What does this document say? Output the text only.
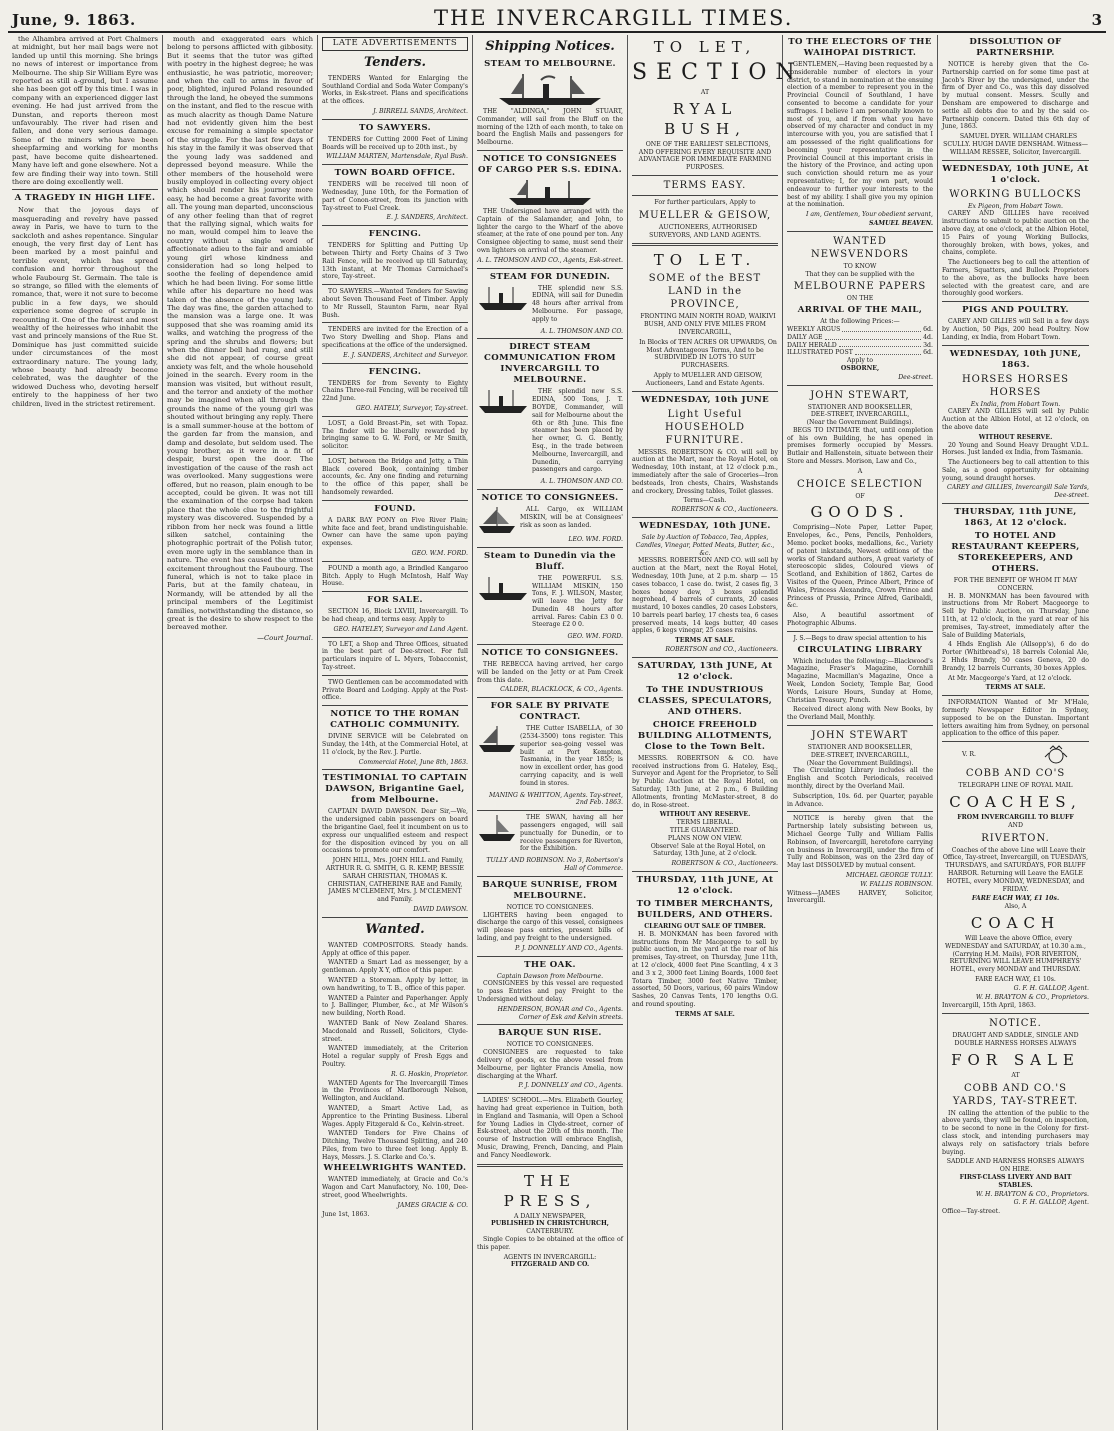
June, 9. 1863.	THE INVERCARGILL TIMES.	3

the Alhambra arrived at Port Chalmers at midnight, but her mail bags were not landed up until this morning. She brings no news of interest or importance from Melbourne. The ship Sir William Eyre was reported as still a-ground, but I assume she has been got off by this time. I was in company with an experienced digger last evening. He had just arrived from the Dunstan, and reports thereon most unfavourably. The river had risen and fallen, and done very serious damage. Some of the miners who have been sheepfarming and working for months past, have become quite disheartened. Many have left and gone elsewhere. Not a few are finding their way into town. Still there are doing excellently well.

A TRAGEDY IN HIGH LIFE.

Now that the joyous days of masquerading and revelry have passed away in Paris, we have to turn to the sackcloth and ashes repentance. Singular enough, the very first day of Lent has been marked by a most painful and terrible event, which has spread confusion and horror throughout the whole Faubourg St. Germain. The tale is so strange, so filled with the elements of romance, that, were it not sure to become public in a few days, we should experience some degree of scruple in recounting it. One of the fairest and most wealthy of the heiresses who inhabit the vast and princely mansions of the Rue St. Dominique has just committed suicide under circumstances of the most extraordinary nature. The young lady, whose beauty had already become celebrated, was the daughter of the widowed Duchess who, devoting herself entirely to the happiness of her two children, lived in the strictest retirement.

mouth and exaggerated ears which belong to persons afflicted with gibbosity. But it seems that the tutor was gifted with poetry in the highest degree; he was enthusiastic, he was patriotic, moreover; and when the call to arms in favor of poor, blighted, injured Poland resounded through the land, he obeyed the summons on the instant, and fled to the rescue with as much alacrity as though Dame Nature had not evidently given him the best excuse for remaining a simple spectator of the struggle. For the last few days of his stay in the family it was observed that the young lady was saddened and depressed beyond measure. While the other members of the household were busily employed in collecting every object which should render his journey more easy, he had become a great favorite with all. The young man departed, unconscious of any other feeling than that of regret that the rallying signal, which waits for no man, would compel him to leave the country without a single word of affectionate adieu to the fair and amiable young girl whose kindness and consideration had so long helped to soothe the feeling of dependence amid which he had been living. For some little while after his departure no heed was taken of the absence of the young lady. The day was fine, the garden attached to the mansion was a large one. It was supposed that she was roaming amid its walks, and watching the progress of the spring and the shrubs and flowers; but when the dinner bell had rung, and still she did not appear, of course great anxiety was felt, and the whole household joined in the search. Every room in the mansion was visited, but without result, and the terror and anxiety of the mother may be imagined when all through the grounds the name of the young girl was shouted without bringing any reply. There is a small summer-house at the bottom of the garden far from the mansion, and damp and desolate, but seldom used. The young brother, as it were in a fit of despair, burst open the door. The investigation of the cause of the rash act was overlooked. Many suggestions were offered, but no reason, plain enough to be accepted, could be given. It was not till the examination of the corpse had taken place that the whole clue to the frightful mystery was discovered. Suspended by a ribbon from her neck was found a little silken satchel, containing the photographic portrait of the Polish tutor, even more ugly in the semblance than in nature. The event has caused the utmost excitement throughout the Faubourg. The funeral, which is not to take place in Paris, but at the family chateau, in Normandy, will be attended by all the principal members of the Legitimist families, notwithstanding the distance, so great is the desire to show respect to the bereaved mother.

—Court Journal.
LATE ADVERTISEMENTS
Tenders.

TENDERS Wanted for Enlarging the Southland Cordial and Soda Water Company's Works, in Esk-street. Plans and specifications at the offices.

J. BIRRELL SANDS, Architect.
TO SAWYERS.

TENDERS for Cutting 2000 Feet of Lining Boards will be received up to 20th inst., by

WILLIAM MARTEN, Martensdale, Ryal Bush.
TOWN BOARD OFFICE.

TENDERS will be received till noon of Wednesday, June 10th, for the Formation of part of Conon-street, from its junction with Tay-street to Fuel Creek.

E. J. SANDERS, Architect.
FENCING.

TENDERS for Splitting and Putting Up between Thirty and Forty Chains of 3 Two Rail Fence, will be received up till Saturday, 13th instant, at Mr Thomas Carmichael's store, Tay-street.

TO SAWYERS.—Wanted Tenders for Sawing about Seven Thousand Feet of Timber. Apply to Mr Russell, Staunton Farm, near Ryal Bush.

TENDERS are invited for the Erection of a Two Story Dwelling and Shop. Plans and specifications at the office of the undersigned.

E. J. SANDERS, Architect and Surveyor.
FENCING.

TENDERS for from Seventy to Eighty Chains Three-rail Fencing, will be received till 22nd June.

GEO. HATELY, Surveyor, Tay-street.

LOST, a Gold Breast-Pin, set with Topaz. The finder will be liberally rewarded by bringing same to G. W. Ford, or Mr Smith, solicitor.

LOST, between the Bridge and Jetty, a Thin Black covered Book, containing timber accounts, &c. Any one finding and returning to the office of this paper, shall be handsomely rewarded.

FOUND.

A DARK BAY PONY on Five River Plain; white face and feet, brand undistinguishable. Owner can have the same upon paying expenses.

GEO. W.M. FORD.

FOUND a month ago, a Brindled Kangaroo Bitch. Apply to Hugh McIntosh, Half Way House.

FOR SALE.

SECTION 16, Block LXVIII, Invercargill. To be had cheap, and terms easy. Apply to

GEO. HATELEY, Surveyor and Land Agent.

TO LET, a Shop and Three Offices, situated in the best part of Dee-street. For full particulars inquire of L. Myers, Tobacconist, Tay-street.

TWO Gentlemen can be accommodated with Private Board and Lodging. Apply at the Post-office.

NOTICE TO THE ROMAN CATHOLIC COMMUNITY.

DIVINE SERVICE will be Celebrated on Sunday, the 14th, at the Commercial Hotel, at 11 o'clock, by the Rev. J. Purtle.

Commercial Hotel, June 8th, 1863.
TESTIMONIAL TO CAPTAIN DAWSON, Brigantine Gael, from Melbourne.

CAPTAIN DAVID DAWSON. Dear Sir,—We, the undersigned cabin passengers on board the brigantine Gael, feel it incumbent on us to express our unqualified esteem and respect for the disposition evinced by you on all occasions to promote our comfort.

JOHN HILL, Mrs. JOHN HILL and Family, ARTHUR R. G. SMITH, G. R. KEMP, BESSIE SARAH CHRISTIAN, THOMAS K. CHRISTIAN, CATHERINE RAE and Family, JAMES M'CLEMENT, Mrs. J. M'CLEMENT and Family.

DAVID DAWSON.
Wanted.

WANTED COMPOSITORS. Steady hands. Apply at office of this paper.

WANTED a Smart Lad as messenger, by a gentleman. Apply X Y, office of this paper.

WANTED a Storeman. Apply by letter, in own handwriting, to T. B., office of this paper.

WANTED a Painter and Paperhanger. Apply to J. Ballinger, Plumber, &c., at Mr Wilson's new building, North Road.

WANTED Bank of New Zealand Shares. Macdonald and Russell, Solicitors, Clyde-street.

WANTED immediately, at the Criterion Hotel a regular supply of Fresh Eggs and Poultry.

R. G. Hoskin, Proprietor.

WANTED Agents for The Invercargill Times in the Provinces of Marlborough Nelson, Wellington, and Auckland.

WANTED, a Smart Active Lad, as Apprentice to the Printing Business. Liberal Wages. Apply Fitzgerald & Co., Kelvin-street.

WANTED Tenders for Five Chains of Ditching, Twelve Thousand Splitting, and 240 Piles, from two to three feet long. Apply B. Hays, Messrs. J. S. Clarke and Co.'s.

WHEELWRIGHTS WANTED.

WANTED immediately, at Gracie and Co.'s Wagon and Cart Manufactory, No. 100, Dee-street, good Wheelwrights.

JAMES GRACIE & CO.
June 1st, 1863.
Shipping Notices.
STEAM TO MELBOURNE.

THE "ALDINGA," JOHN STUART, Commander, will sail from the Bluff on the morning of the 12th of each month, to take on board the English Mails and passengers for Melbourne.

NOTICE TO CONSIGNEES OF CARGO PER S.S. EDINA.

THE Undersigned have arranged with the Captain of the Salamander, and John, to lighter the cargo to the Wharf of the above steamer, at the rate of one pound per ton. Any Consignee objecting to same, must send their own lighters on arrival of the steamer.

A. L. THOMSON AND CO., Agents, Esk-street.
STEAM FOR DUNEDIN.

THE splendid new S.S. EDINA, will sail for Dunedin 48 hours after arrival from Melbourne. For passage, apply to

A. L. THOMSON AND CO.
DIRECT STEAM COMMUNICATION FROM INVERCARGILL TO MELBOURNE.

THE splendid new S.S. EDINA, 500 Tons, J. T. BOYDE, Commander, will sail for Melbourne about the 6th or 8th June. This fine steamer has been placed by her owner, G. G. Bently, Esq., in the trade between Melbourne, Invercargill, and Dunedin, carrying passengers and cargo.

A. L. THOMSON AND CO.
NOTICE TO CONSIGNEES.

ALL Cargo, ex WILLIAM MISKIN, will be at Consignees' risk as soon as landed.

LEO. WM. FORD.
Steam to Dunedin via the Bluff.

THE POWERFUL S.S. WILLIAM MISKIN, 150 Tons, F. J. WILSON, Master, will leave the Jetty for Dunedin 48 hours after arrival. Fares: Cabin £3 0 0. Steerage £2 0 0.

GEO. WM. FORD.
NOTICE TO CONSIGNEES.

THE REBECCA having arrived, her cargo will be landed on the Jetty or at Pam Creek from this date.

CALDER, BLACKLOCK, & CO., Agents.
FOR SALE BY PRIVATE CONTRACT.

THE Cutter ISABELLA, of 30 (2534-3500) tons register. This superior sea-going vessel was built at Port Kempton, Tasmania, in the year 1855; is now in excellent order, has good carrying capacity, and is well found in stores.

MANING & WHITTON, Agents. Tay-street, 2nd Feb. 1863.

THE SWAN, having all her passengers engaged, will sail punctually for Dunedin, or to receive passengers for Riverton, for the Exhibition.

TULLY AND ROBINSON. No 3, Robertson's Hall of Commerce.
BARQUE SUNRISE, FROM MELBOURNE.
NOTICE TO CONSIGNEES.

LIGHTERS having been engaged to discharge the cargo of this vessel, consignees will please pass entries, present bills of lading, and pay freight to the undersigned.

P. J. DONNELLY AND CO., Agents.
THE OAK.
Captain Dawson from Melbourne.

CONSIGNEES by this vessel are requested to pass Entries and pay Freight to the Undersigned without delay.

HENDERSON, BONAR and Co., Agents. Corner of Esk and Kelvin streets.
BARQUE SUN RISE.
NOTICE TO CONSIGNEES.

CONSIGNEES are requested to take delivery of goods, ex the above vessel from Melbourne, per lighter Francis Amelia, now discharging at the Wharf.

P. J. DONNELLY and CO., Agents.

LADIES' SCHOOL.—Mrs. Elizabeth Gourley, having had great experience in Tuition, both in England and Tasmania, will Open a School for Young Ladies in Clyde-street, corner of Esk-street, about the 20th of this month. The course of Instruction will embrace English, Music, Drawing, French, Dancing, and Plain and Fancy Needlework.

THE PRESS,
A DAILY NEWSPAPER,
PUBLISHED IN CHRISTCHURCH,
CANTERBURY.

Single Copies to be obtained at the office of this paper.

AGENTS IN INVERCARGILL:
FITZGERALD AND CO.
TO LET,
SECTION
AT
RYAL BUSH,

ONE OF THE EARLIEST SELECTIONS, AND OFFERING EVERY REQUISITE AND ADVANTAGE FOR IMMEDIATE FARMING PURPOSES.

TERMS EASY.
For further particulars, Apply to
MUELLER & GEISOW,

AUCTIONEERS, AUTHORISED SURVEYORS, AND LAND AGENTS.

TO LET.
SOME of the BEST LAND in the PROVINCE,

FRONTING MAIN NORTH ROAD, WAIKIVI BUSH, AND ONLY FIVE MILES FROM INVERCARGILL,

In Blocks of TEN ACRES OR UPWARDS, On Most Advantageous Terms, And to be SUBDIVIDED IN LOTS TO SUIT PURCHASERS.

Apply to MUELLER AND GEISOW, Auctioneers, Land and Estate Agents.

WEDNESDAY, 10th JUNE
Light Useful HOUSEHOLD FURNITURE.

MESSRS. ROBERTSON & CO. will sell by auction at the Mart, near the Royal Hotel, on Wednesday, 10th instant, at 12 o'clock p.m., immediately after the sale of Groceries—Iron bedsteads, Iron chests, Chairs, Washstands and crockery, Dressing tables, Toilet glasses.

Terms—Cash.
ROBERTSON & CO., Auctioneers.
WEDNESDAY, 10th JUNE.
Sale by Auction of Tobacco, Tea, Apples, Candles, Vinegar, Potted Meats, Butter, &c., &c.

MESSRS. ROBERTSON AND CO. will sell by auction at the Mart, next the Royal Hotel, Wednesday, 10th June, at 2 p.m. sharp — 15 cases tobacco, 1 case do. twist, 2 cases fig, 3 boxes honey dew, 3 boxes splendid negrohead, 4 barrels of currants, 20 cases mustard, 10 boxes candles, 20 cases Lobsters, 10 barrels pearl barley, 17 chests tea, 6 cases preserved meats, 14 kegs butter, 40 cases apples, 6 kegs vinegar, 25 cases raisins.

TERMS AT SALE.
ROBERTSON and CO., Auctioneers.
SATURDAY, 13th JUNE, At 12 o'clock.
To THE INDUSTRIOUS CLASSES, SPECULATORS, AND OTHERS.
CHOICE FREEHOLD BUILDING ALLOTMENTS, Close to the Town Belt.

MESSRS. ROBERTSON & CO. have received instructions from G. Hateley, Esq., Surveyor and Agent for the Proprietor, to Sell by Public Auction at the Royal Hotel, on Saturday, 13th June, at 2 p.m., 6 Building Allotments, fronting McMaster-street, 8 do do, in Rose-street.

WITHOUT ANY RESERVE.
TERMS LIBERAL.
TITLE GUARANTEED.
PLANS NOW ON VIEW.

Observe! Sale at the Royal Hotel, on Saturday, 13th June, at 2 o'clock.

ROBERTSON & CO., Auctioneers.
THURSDAY, 11th JUNE, At 12 o'clock.
TO TIMBER MERCHANTS, BUILDERS, AND OTHERS.
CLEARING OUT SALE OF TIMBER.

H. B. MONKMAN has been favored with instructions from Mr Macgeorge to sell by public auction, in the yard at the rear of his premises, Tay-street, on Thursday, June 11th, at 12 o'clock, 4000 feet Pine Scantling, 4 x 3 and 3 x 2, 3000 feet Lining Boards, 1000 feet Totara Timber, 3000 feet Native Timber, assorted, 50 Doors, various, 60 pairs Window Sashes, 20 Canvas Tents, 170 lengths O.G. and round spouting.

TERMS AT SALE.
TO THE ELECTORS OF THE WAIHOPAI DISTRICT.

GENTLEMEN,—Having been requested by a considerable number of electors in your district, to stand in nomination at the ensuing election of a member to represent you in the Provincial Council of Southland, I have consented to become a candidate for your suffrages. I believe I am personally known to most of you, and if from what you have observed of my character and conduct in my intercourse with you, you are satisfied that I am possessed of the right qualifications for becoming your representative in the Provincial Council at this important crisis in the history of the Province, and acting upon such conviction should return me as your representative; I, for my own part, would endeavour to further your interests to the best of my ability. I shall give you my opinion at the nomination.

I am, Gentlemen, Your obedient servant,
SAMUEL BEAVEN.
WANTED NEWSVENDORS
TO KNOW
That they can be supplied with the
MELBOURNE PAPERS
ON THE
ARRIVAL OF THE MAIL,
At the following Prices:—
WEEKLY ARGUS	6d.
DAILY AGE	4d.
DAILY HERALD	3d.
ILLUSTRATED POST	6d.
Apply to
OSBORNE,
Dee-street.
JOHN STEWART,
STATIONER AND BOOKSELLER,
DEE-STREET, INVERCARGILL,
(Near the Government Buildings).

BEGS TO INTIMATE that, until completion of his own Building, he has opened in premises formerly occupied by Messrs. Butlair and Hallenstein, situate between their Store and Messrs. Morison, Law and Co.,

A
CHOICE SELECTION
OF
GOODS.

Comprising—Note Paper, Letter Paper, Envelopes, &c., Pens, Pencils, Penholders, Memo. pocket books, medallions, &c., Variety of patent inkstands, Newest editions of the works of Standard authors, A great variety of stereoscopic slides, Coloured views of Scotland, and Exhibition of 1862, Cartes de Visites of the Queen, Prince Albert, Prince of Wales, Princess Alexandra, Crown Prince and Princess of Prussia, Prince Alfred, Garibaldi, &c.

Also, A beautiful assortment of Photographic Albums.

J. S.—Begs to draw special attention to his
CIRCULATING LIBRARY

Which includes the following:—Blackwood's Magazine, Fraser's Magazine, Cornhill Magazine, Macmillan's Magazine, Once a Week, London Society, Temple Bar, Good Words, Leisure Hours, Sunday at Home, Christian Treasury, Punch.

Received direct along with New Books, by the Overland Mail, Monthly.

JOHN STEWART
STATIONER AND BOOKSELLER,
DEE-STREET, INVERCARGILL,
(Near the Government Buildings).

The Circulating Library includes all the English and Scotch Periodicals, received monthly, direct by the Overland Mail.

Subscription, 10s. 6d. per Quarter, payable in Advance.

NOTICE is hereby given that the Partnership lately subsisting between us, Michael George Tully and William Fallis Robinson, of Invercargill, heretofore carrying on business in Invercargill, under the firm of Tully and Robinson, was on the 23rd day of May last DISSOLVED by mutual consent.

MICHAEL GEORGE TULLY.
W. FALLIS ROBINSON.
Witness—JAMES HARVEY, Solicitor, Invercargill.
DISSOLUTION OF PARTNERSHIP.

NOTICE is hereby given that the Co-Partnership carried on for some time past at Jacob's River by the undersigned, under the firm of Dyer and Co., was this day dissolved by mutual consent. Messrs. Scully and Densham are empowered to discharge and settle all debts due to and by the said co-Partnership concern. Dated this 6th day of June, 1863.

SAMUEL DYER. WILLIAM CHARLES SCULLY. HUGH DAVIE DENSHAM. Witness—WILLIAM RESSEE, Solicitor, Invercargill.

WEDNESDAY, 10th JUNE, At 1 o'clock.
WORKING BULLOCKS
Ex Pigeon, from Hobart Town.

CAREY AND GILLIES have received instructions to submit to public auction on the above day, at one o'clock, at the Albion Hotel, 15 Pairs of young Working Bullocks, thoroughly broken, with bows, yokes, and chains, complete.

The Auctioneers beg to call the attention of Farmers, Squatters, and Bullock Proprietors to the above, as the bullocks have been selected with the greatest care, and are thoroughly good workers.

PIGS AND POULTRY.

CAREY AND GILLIES will Sell in a few days by Auction, 50 Pigs, 200 head Poultry. Now Landing, ex India, from Hobart Town.

WEDNESDAY, 10th JUNE, 1863.
HORSES HORSES HORSES
Ex India, from Hobart Town.

CAREY AND GILLIES will sell by Public Auction at the Albion Hotel, at 12 o'clock, on the above date

WITHOUT RESERVE.

20 Young and Sound Heavy Draught V.D.L. Horses. Just landed ex India, from Tasmania.

The Auctioneers beg to call attention to this Sale, as a good opportunity for obtaining young, sound draught horses.

CAREY and GILLIES, Invercargill Sale Yards, Dee-street.
THURSDAY, 11th JUNE, 1863, At 12 o'clock.
TO HOTEL AND RESTAURANT KEEPERS, STOREKEEPERS, AND OTHERS.
FOR THE BENEFIT OF WHOM IT MAY CONCERN.

H. B. MONKMAN has been favoured with instructions from Mr Robert Macgeorge to Sell by Public Auction, on Thursday, June 11th, at 12 o'clock, in the yard at rear of his premises, Tay-street, immediately after the Sale of Building Materials,

4 Hhds English Ale (Allsopp's), 6 do do Porter (Whitbread's), 18 barrels Colonial Ale, 2 Hhds Brandy, 50 cases Geneva, 20 do Brandy, 12 barrels Currants, 30 boxes Apples.

At Mr. Macgeorge's Yard, at 12 o'clock.

TERMS AT SALE.

INFORMATION Wanted of Mr M'Hale, formerly Newspaper Editor in Sydney, supposed to be on the Dunstan. Important letters awaiting him from Sydney, on personal application to the office of this paper.

V. R.
COBB AND CO'S
TELEGRAPH LINE OF ROYAL MAIL
COACHES,
FROM INVERCARGILL TO BLUFF
AND
RIVERTON.

Coaches of the above Line will Leave their Office, Tay-street, Invercargill, on TUESDAYS, THURSDAYS, and SATURDAYS, FOR BLUFF HARBOR. Returning will Leave the EAGLE HOTEL, every MONDAY, WEDNESDAY, and FRIDAY.

FARE EACH WAY, £1 10s.
Also, A
COACH

Will Leave the above Office, every WEDNESDAY and SATURDAY, at 10.30 a.m., (Carrying H.M. Mails), FOR RIVERTON, RETURNING WILL LEAVE HUMPHREYS' HOTEL, every MONDAY and THURSDAY.

FARE EACH WAY, £1 10s.
G. F. H. GALLOP, Agent.
W. H. BRAYTON & CO., Proprietors.
Invercargill, 15th April, 1863.
NOTICE.
DRAUGHT AND SADDLE, SINGLE AND DOUBLE HARNESS HORSES ALWAYS
FOR SALE
AT
COBB AND CO.'S YARDS, TAY-STREET.

IN calling the attention of the public to the above yards, they will be found, on inspection, to be second to none in the Colony for first-class stock, and intending purchasers may always rely on satisfactory trials before buying.

SADDLE AND HARNESS HORSES ALWAYS ON HIRE.
FIRST-CLASS LIVERY AND BAIT STABLES.
W. H. BRAYTON & CO., Proprietors.
G. F. H. GALLOP, Agent.
Office—Tay-street.
